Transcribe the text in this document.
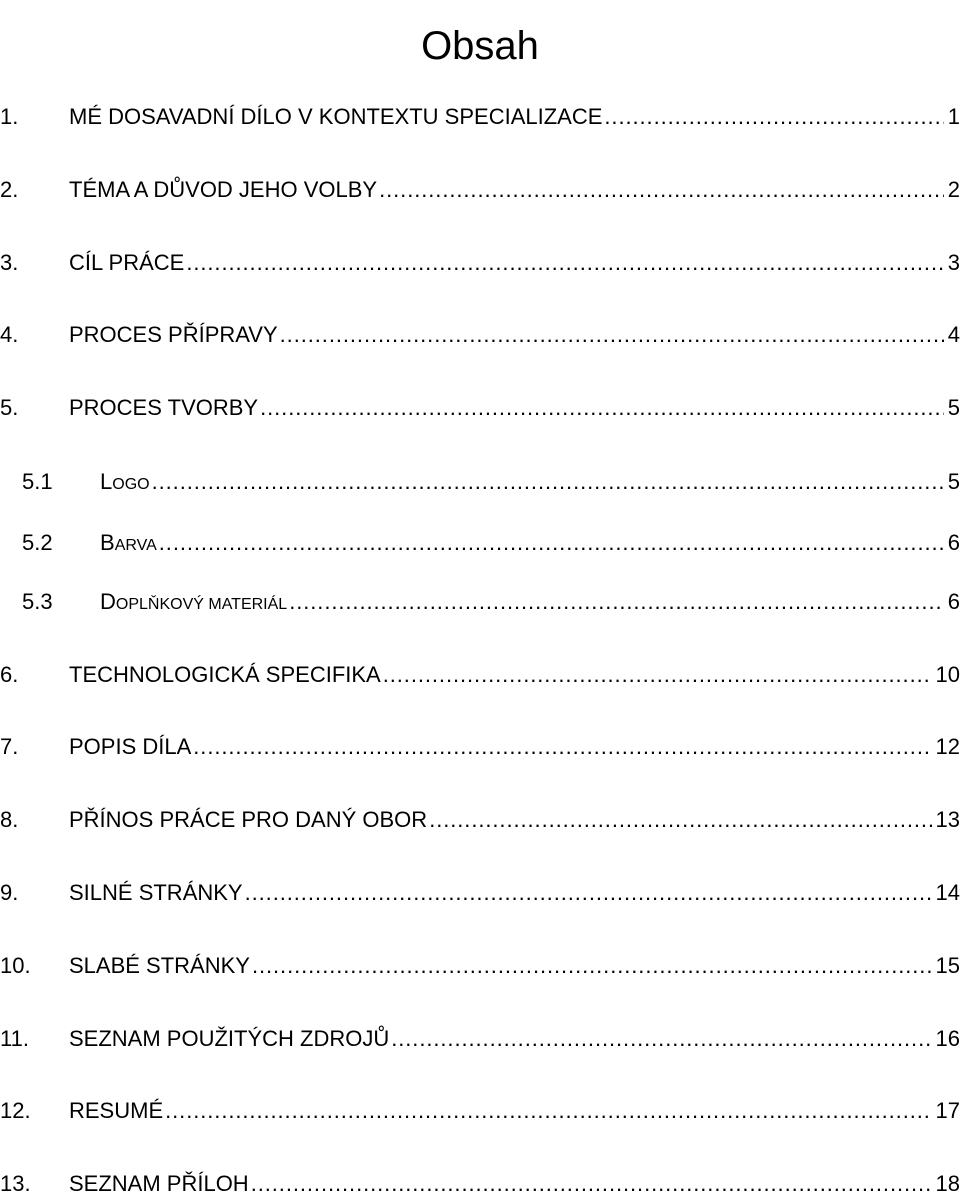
Obsah
1. MÉ DOSAVADNÍ DÍLO V KONTEXTU SPECIALIZACE . . .	1
2. TÉMA A DŮVOD JEHO VOLBY . . .	2
3. CÍL PRÁCE . . .	3
4. PROCES PŘÍPRAVY . . .	4
5. PROCES TVORBY . . .	5
5.1 LOGO . . .	5
5.2 BARVA . . .	6
5.3 DOPLŇKOVÝ MATERIÁL . . .	6
6. TECHNOLOGICKÁ SPECIFIKA . . .	10
7. POPIS DÍLA . . .	12
8. PŘÍNOS PRÁCE PRO DANÝ OBOR . . .	13
9. SILNÉ STRÁNKY . . .	14
10. SLABÉ STRÁNKY . . .	15
11. SEZNAM POUŽITÝCH ZDROJŮ . . .	16
12. RESUMÉ . . .	17
13. SEZNAM PŘÍLOH . . .	18
